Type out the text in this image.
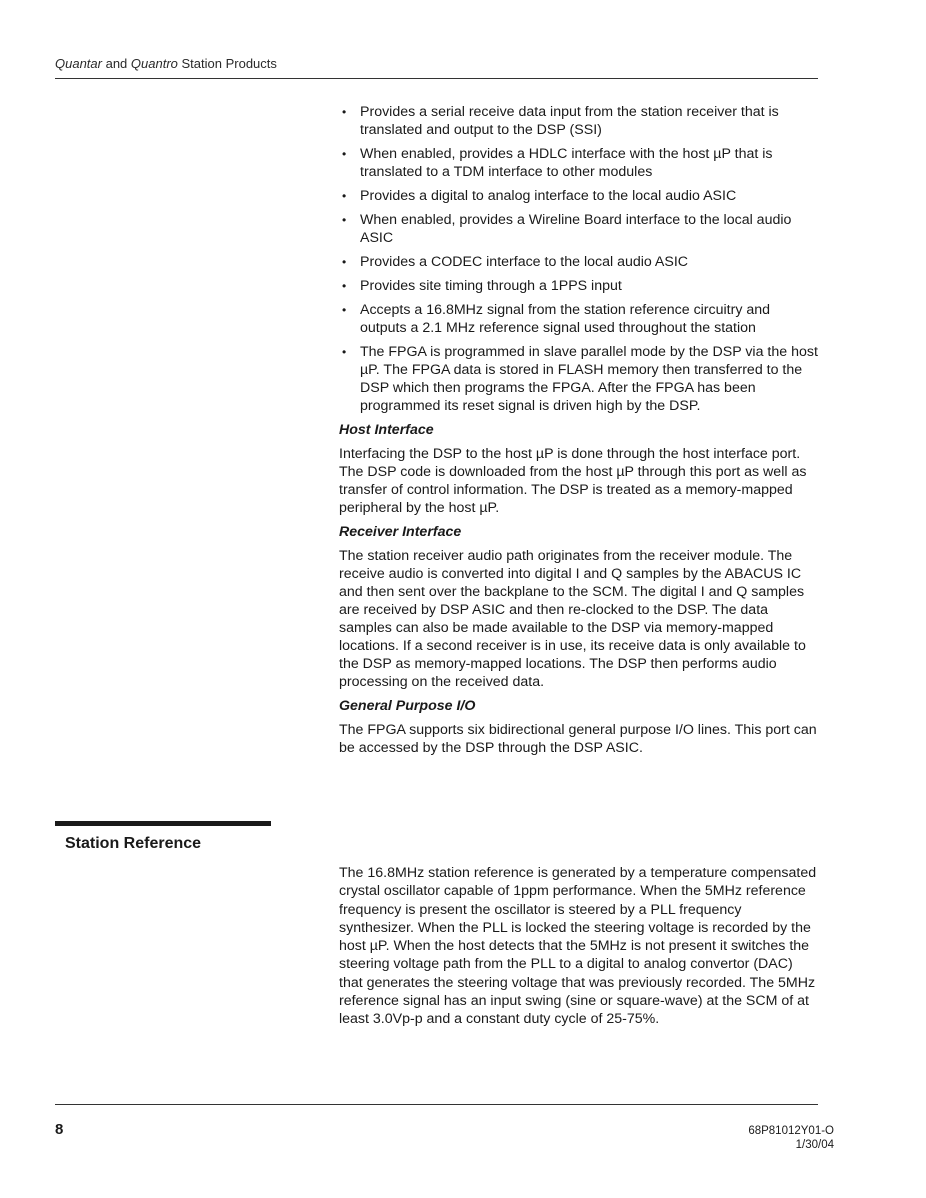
Quantar and Quantro Station Products
• Provides a serial receive data input from the station receiver that is translated and output to the DSP (SSI)
• When enabled, provides a HDLC interface with the host µP that is translated to a TDM interface to other modules
• Provides a digital to analog interface to the local audio ASIC
• When enabled, provides a Wireline Board interface to the local audio ASIC
• Provides a CODEC interface to the local audio ASIC
• Provides site timing through a 1PPS input
• Accepts a 16.8MHz signal from the station reference circuitry and outputs a 2.1 MHz reference signal used throughout the station
• The FPGA is programmed in slave parallel mode by the DSP via the host µP. The FPGA data is stored in FLASH memory then transferred to the DSP which then programs the FPGA. After the FPGA has been programmed its reset signal is driven high by the DSP.
Host Interface

Interfacing the DSP to the host µP is done through the host interface port. The DSP code is downloaded from the host µP through this port as well as transfer of control information. The DSP is treated as a memory-mapped peripheral by the host µP.

Receiver Interface

The station receiver audio path originates from the receiver module. The receive audio is converted into digital I and Q samples by the ABACUS IC and then sent over the backplane to the SCM. The digital I and Q samples are received by DSP ASIC and then re-clocked to the DSP. The data samples can also be made available to the DSP via memory-mapped locations. If a second receiver is in use, its receive data is only available to the DSP as memory-mapped locations. The DSP then performs audio processing on the received data.

General Purpose I/O

The FPGA supports six bidirectional general purpose I/O lines. This port can be accessed by the DSP through the DSP ASIC.

Station Reference

The 16.8MHz station reference is generated by a temperature compensated crystal oscillator capable of 1ppm performance. When the 5MHz reference frequency is present the oscillator is steered by a PLL frequency synthesizer. When the PLL is locked the steering voltage is recorded by the host µP. When the host detects that the 5MHz is not present it switches the steering voltage path from the PLL to a digital to analog convertor (DAC) that generates the steering voltage that was previously recorded. The 5MHz reference signal has an input swing (sine or square-wave) at the SCM of at least 3.0Vp-p and a constant duty cycle of 25-75%.

8	68P81012Y01-O
1/30/04
